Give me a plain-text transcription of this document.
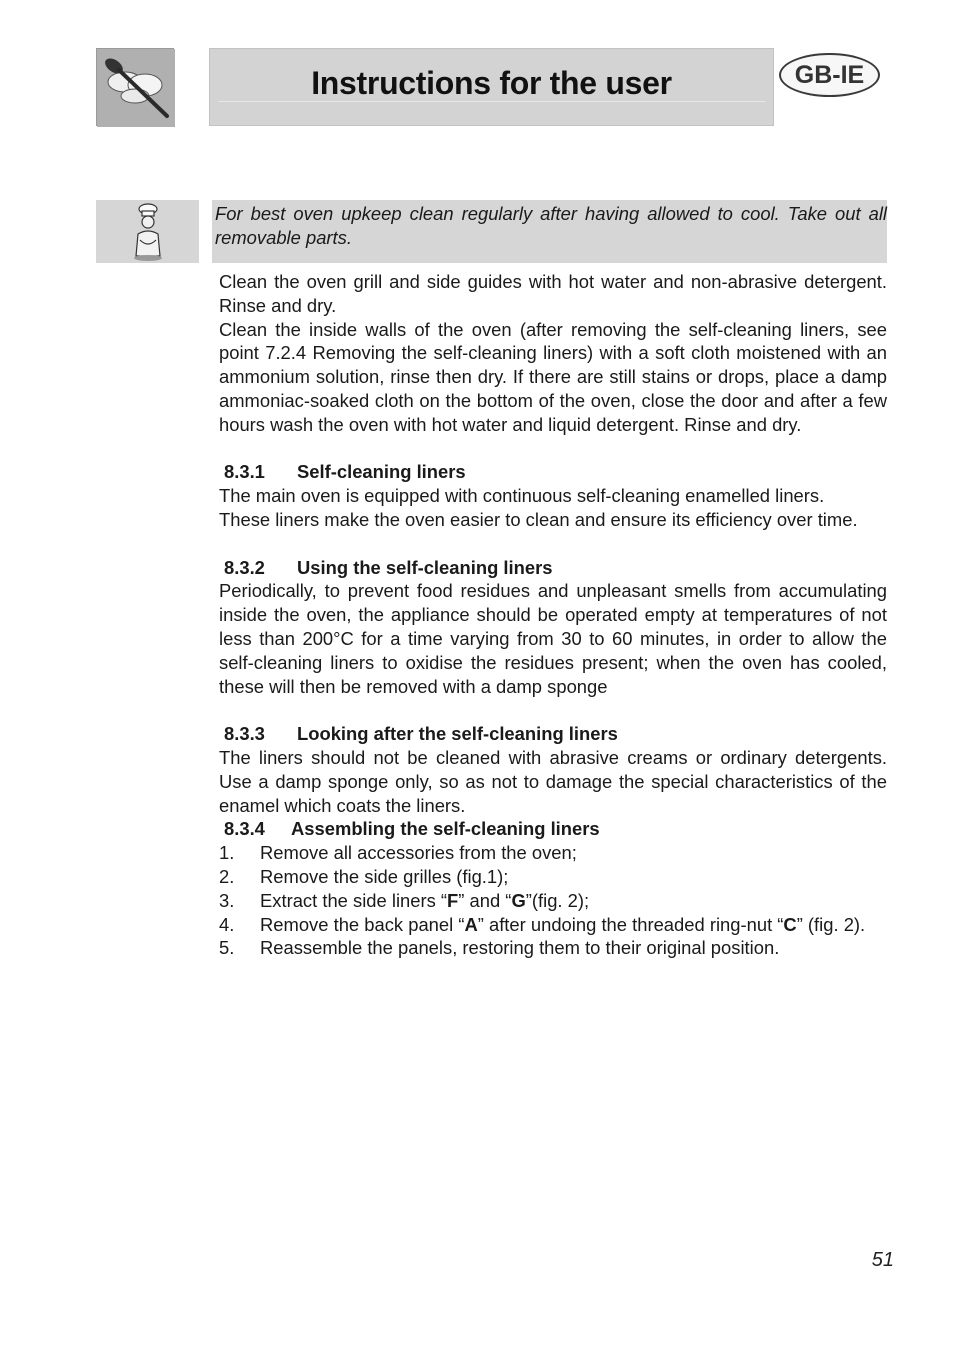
Instructions for the user	GB-IE
For best oven upkeep clean regularly after having allowed to cool. Take out all removable parts.

Clean the oven grill and side guides with hot water and non-abrasive detergent. Rinse and dry.

Clean the inside walls of the oven (after removing the self-cleaning liners, see point 7.2.4 Removing the self-cleaning liners) with a soft cloth moistened with an ammonium solution, rinse then dry. If there are still stains or drops, place a damp ammoniac-soaked cloth on the bottom of the oven, close the door and after a few hours wash the oven with hot water and liquid detergent. Rinse and dry.

8.3.1 Self-cleaning liners

The main oven is equipped with continuous self-cleaning enamelled liners.

These liners make the oven easier to clean and ensure its efficiency over time.

8.3.2 Using the self-cleaning liners

Periodically, to prevent food residues and unpleasant smells from accumulating inside the oven, the appliance should be operated empty at temperatures of not less than 200°C for a time varying from 30 to 60 minutes, in order to allow the self-cleaning liners to oxidise the residues present; when the oven has cooled, these will then be removed with a damp sponge

8.3.3 Looking after the self-cleaning liners

The liners should not be cleaned with abrasive creams or ordinary detergents. Use a damp sponge only, so as not to damage the special characteristics of the enamel which coats the liners.

8.3.4 Assembling the self-cleaning liners

1. Remove all accessories from the oven;
2. Remove the side grilles (fig.1);
3. Extract the side liners “F” and “G”(fig. 2);
4. Remove the back panel “A” after undoing the threaded ring-nut “C” (fig. 2).
5. Reassemble the panels, restoring them to their original position.
51
